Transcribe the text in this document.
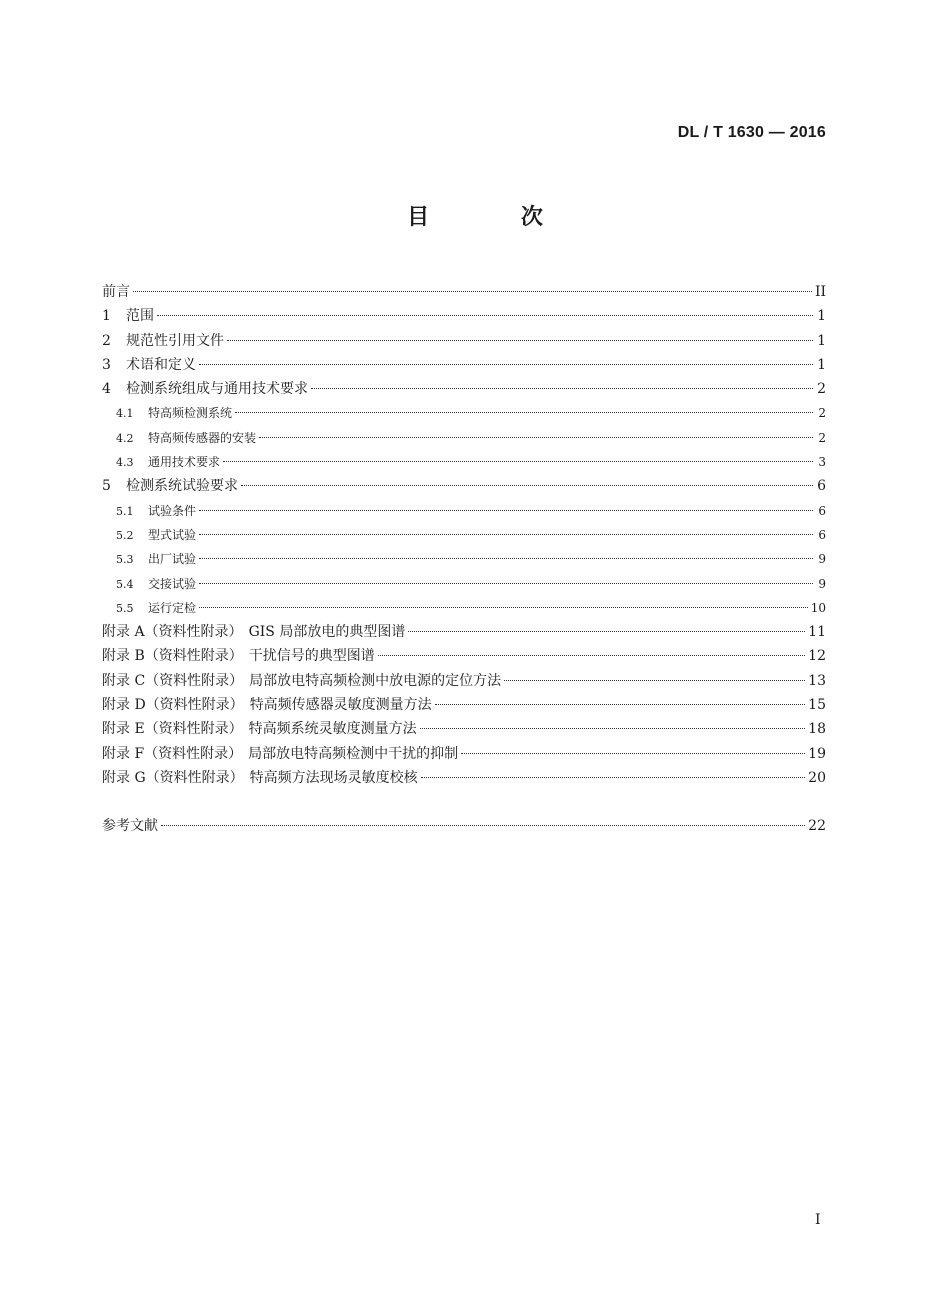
DL / T 1630 — 2016
目 次
前言	II
1	范围	1
2	规范性引用文件	1
3	术语和定义	1
4	检测系统组成与通用技术要求	2
4.1	特高频检测系统	2
4.2	特高频传感器的安装	2
4.3	通用技术要求	3
5	检测系统试验要求	6
5.1	试验条件	6
5.2	型式试验	6
5.3	出厂试验	9
5.4	交接试验	9
5.5	运行定检	10
附录 A（资料性附录） GIS 局部放电的典型图谱	11
附录 B（资料性附录） 干扰信号的典型图谱	12
附录 C（资料性附录） 局部放电特高频检测中放电源的定位方法	13
附录 D（资料性附录） 特高频传感器灵敏度测量方法	15
附录 E（资料性附录） 特高频系统灵敏度测量方法	18
附录 F（资料性附录） 局部放电特高频检测中干扰的抑制	19
附录 G（资料性附录） 特高频方法现场灵敏度校核	20
参考文献	22
I
